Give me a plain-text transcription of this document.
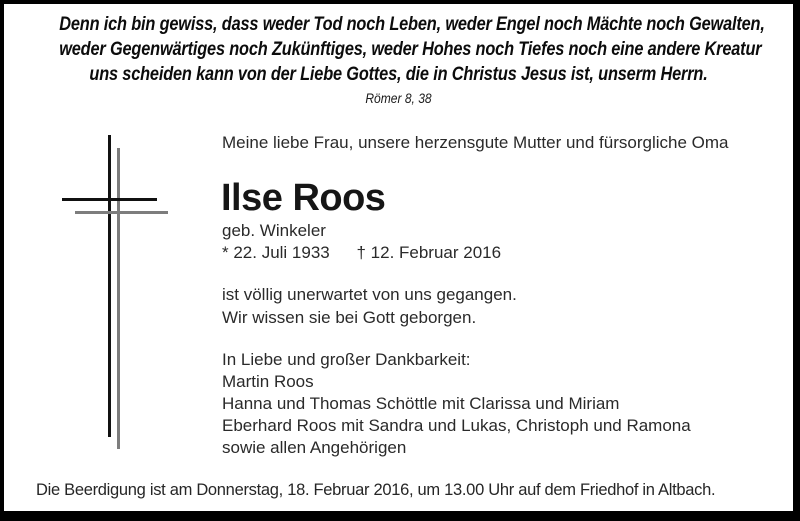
Denn ich bin gewiss, dass weder Tod noch Leben, weder Engel noch Mächte noch Gewalten,
weder Gegenwärtiges noch Zukünftiges, weder Hohes noch Tiefes noch eine andere Kreatur
uns scheiden kann von der Liebe Gottes, die in Christus Jesus ist, unserm Herrn.
Römer 8, 38
Meine liebe Frau, unsere herzensgute Mutter und fürsorgliche Oma
Ilse Roos
geb. Winkeler
* 22. Juli 1933 † 12. Februar 2016
ist völlig unerwartet von uns gegangen.
Wir wissen sie bei Gott geborgen.
In Liebe und großer Dankbarkeit:
Martin Roos
Hanna und Thomas Schöttle mit Clarissa und Miriam
Eberhard Roos mit Sandra und Lukas, Christoph und Ramona
sowie allen Angehörigen
Die Beerdigung ist am Donnerstag, 18. Februar 2016, um 13.00 Uhr auf dem Friedhof in Altbach.
